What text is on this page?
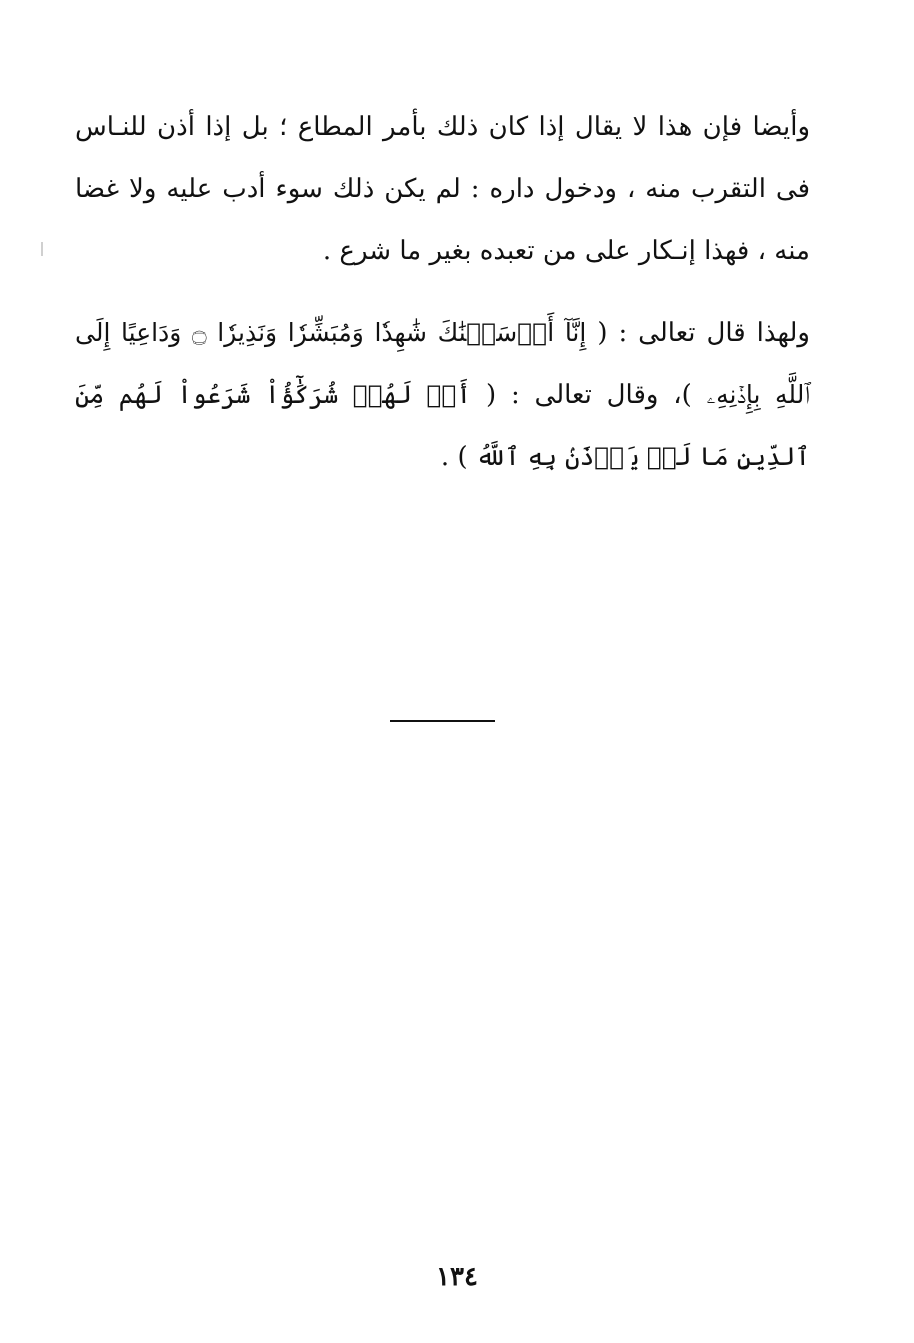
وأيضا فإن هذا لا يقال إذا كان ذلك بأمر المطاع ؛ بل إذا أذن للنـاس فى التقرب منه ، ودخول داره : لم يكن ذلك سوء أدب عليه ولا غضا منه ، فهذا إنـكار على من تعبده بغير ما شرع .

ولهذا قال تعالى : ( إِنَّآ أَرۡسَلۡنَٰكَ شَٰهِدٗا وَمُبَشِّرٗا وَنَذِيرٗا ۝ وَدَاعِيًا إِلَى ٱللَّهِ بِإِذۡنِهِۦ )، وقال تعالى : ( أَمۡ لَهُمۡ شُرَكَٰٓؤُاْ شَرَعُواْ لَهُم مِّنَ ٱلدِّينِ مَا لَمۡ يَأۡذَنۢ بِهِ ٱللَّهُ ) .

١٣٤
